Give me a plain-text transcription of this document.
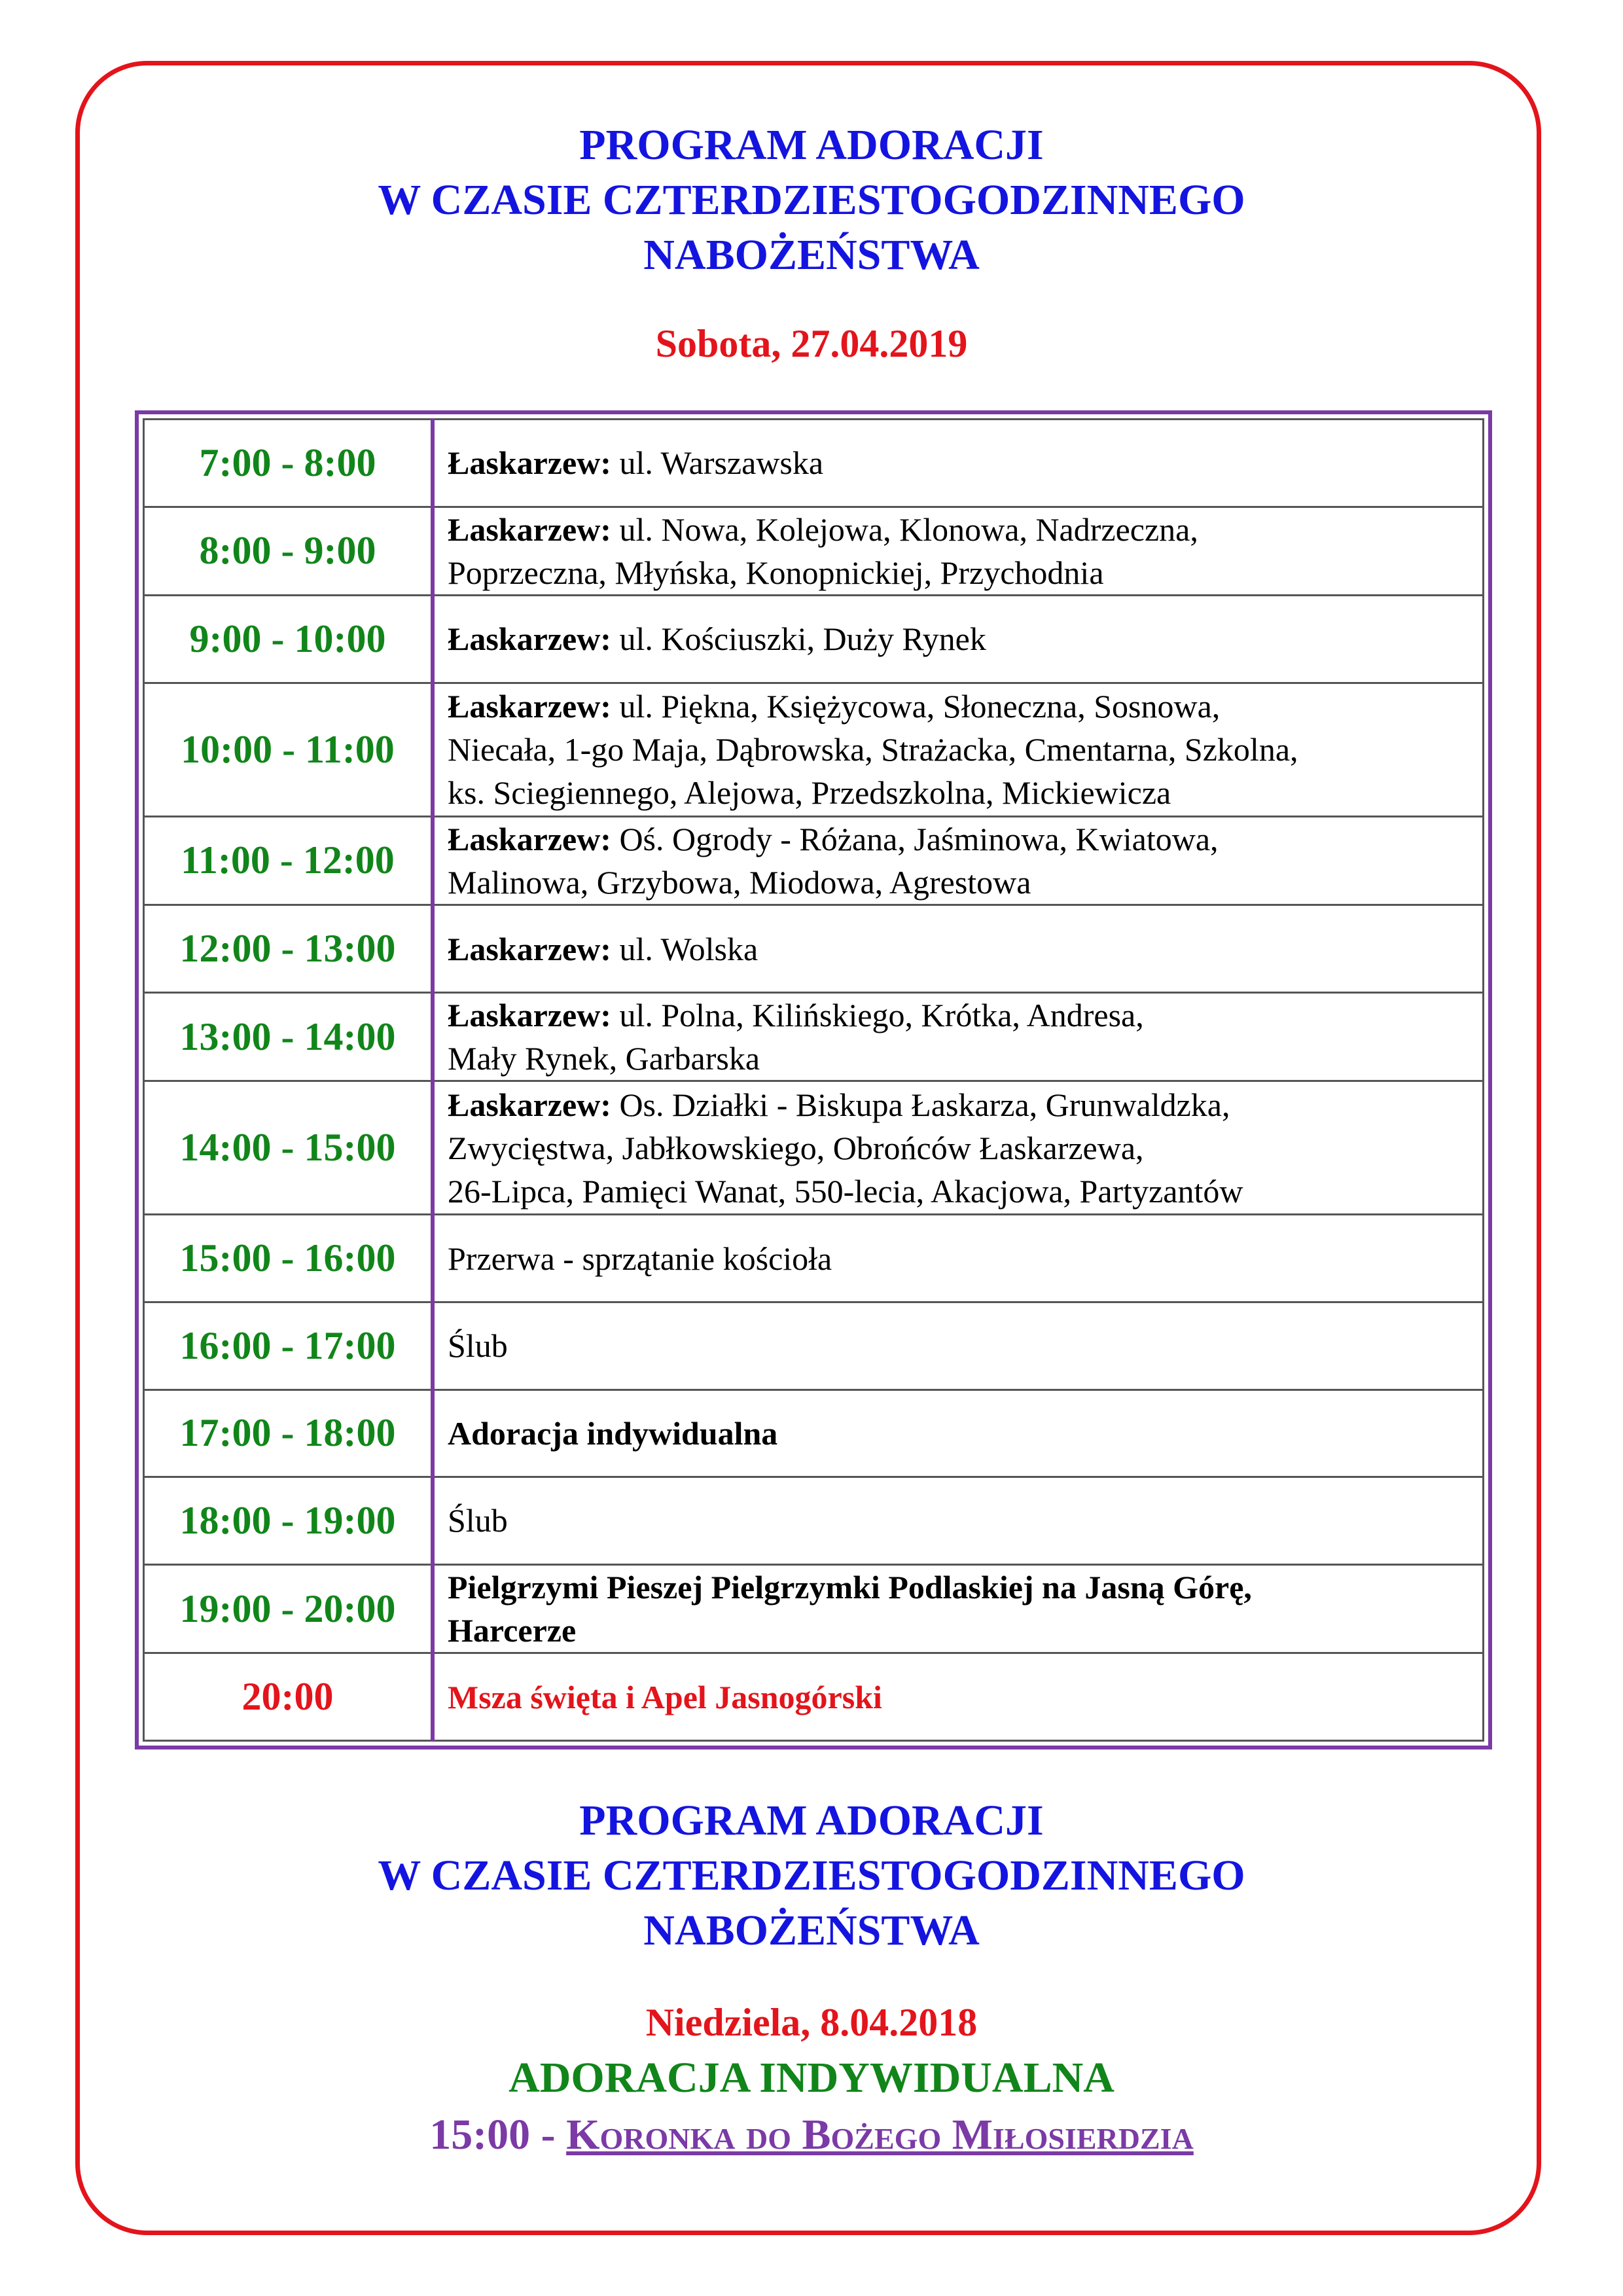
PROGRAM ADORACJI
W CZASIE CZTERDZIESTOGODZINNEGO
NABOŻEŃSTWA
Sobota, 27.04.2019
7:00 - 8:00	Łaskarzew: ul. Warszawska

8:00 - 9:00	Łaskarzew: ul. Nowa, Kolejowa, Klonowa, Nadrzeczna,
Poprzeczna, Młyńska, Konopnickiej, Przychodnia

9:00 - 10:00	Łaskarzew: ul. Kościuszki, Duży Rynek

10:00 - 11:00	Łaskarzew: ul. Piękna, Księżycowa, Słoneczna, Sosnowa,
Niecała, 1-go Maja, Dąbrowska, Strażacka, Cmentarna, Szkolna,
ks. Sciegiennego, Alejowa, Przedszkolna, Mickiewicza

11:00 - 12:00	Łaskarzew: Oś. Ogrody - Różana, Jaśminowa, Kwiatowa,
Malinowa, Grzybowa, Miodowa, Agrestowa

12:00 - 13:00	Łaskarzew: ul. Wolska

13:00 - 14:00	Łaskarzew: ul. Polna, Kilińskiego, Krótka, Andresa,
Mały Rynek, Garbarska

14:00 - 15:00	Łaskarzew: Os. Działki - Biskupa Łaskarza, Grunwaldzka,
Zwycięstwa, Jabłkowskiego, Obrońców Łaskarzewa,
26-Lipca, Pamięci Wanat, 550-lecia, Akacjowa, Partyzantów

15:00 - 16:00	Przerwa - sprzątanie kościoła

16:00 - 17:00	Ślub

17:00 - 18:00	Adoracja indywidualna

18:00 - 19:00	Ślub

19:00 - 20:00	Pielgrzymi Pieszej Pielgrzymki Podlaskiej na Jasną Górę,
Harcerze

20:00	Msza święta i Apel Jasnogórski
PROGRAM ADORACJI
W CZASIE CZTERDZIESTOGODZINNEGO
NABOŻEŃSTWA
Niedziela, 8.04.2018
ADORACJA INDYWIDUALNA
15:00 - Koronka do Bożego Miłosierdzia
